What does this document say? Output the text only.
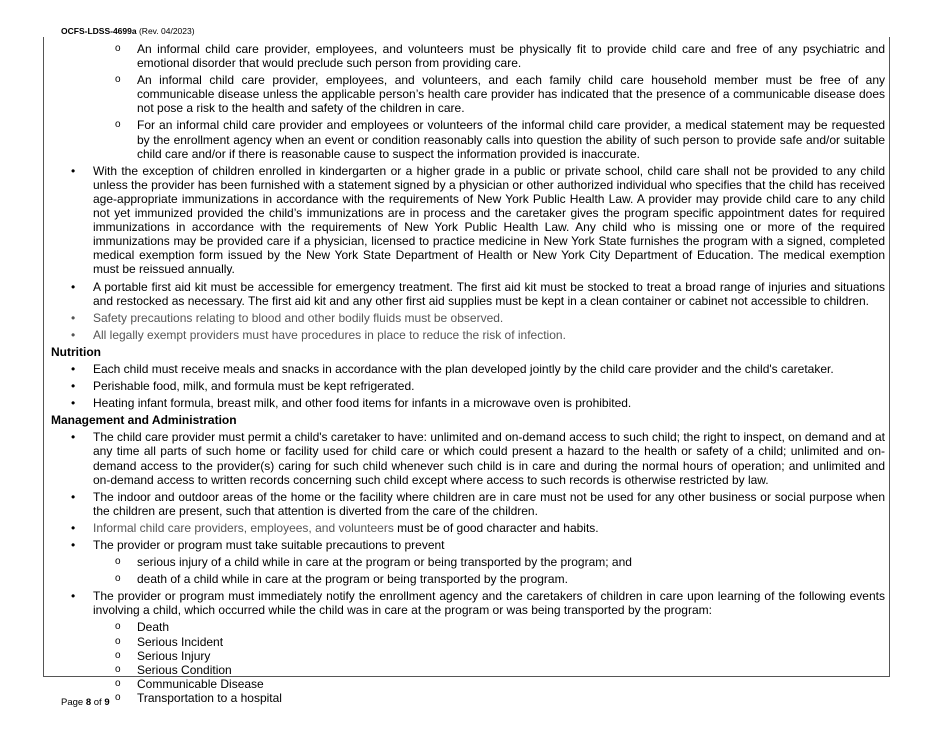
OCFS-LDSS-4699a (Rev. 04/2023)
o An informal child care provider, employees, and volunteers must be physically fit to provide child care and free of any psychiatric and emotional disorder that would preclude such person from providing care.
o An informal child care provider, employees, and volunteers, and each family child care household member must be free of any communicable disease unless the applicable person’s health care provider has indicated that the presence of a communicable disease does not pose a risk to the health and safety of the children in care.
o For an informal child care provider and employees or volunteers of the informal child care provider, a medical statement may be requested by the enrollment agency when an event or condition reasonably calls into question the ability of such person to provide safe and/or suitable child care and/or if there is reasonable cause to suspect the information provided is inaccurate.
• With the exception of children enrolled in kindergarten or a higher grade in a public or private school, child care shall not be provided to any child unless the provider has been furnished with a statement signed by a physician or other authorized individual who specifies that the child has received age-appropriate immunizations in accordance with the requirements of New York Public Health Law. A provider may provide child care to any child not yet immunized provided the child’s immunizations are in process and the caretaker gives the program specific appointment dates for required immunizations in accordance with the requirements of New York Public Health Law. Any child who is missing one or more of the required immunizations may be provided care if a physician, licensed to practice medicine in New York State furnishes the program with a signed, completed medical exemption form issued by the New York State Department of Health or New York City Department of Education. The medical exemption must be reissued annually.
• A portable first aid kit must be accessible for emergency treatment. The first aid kit must be stocked to treat a broad range of injuries and situations and restocked as necessary. The first aid kit and any other first aid supplies must be kept in a clean container or cabinet not accessible to children.
• Safety precautions relating to blood and other bodily fluids must be observed.
• All legally exempt providers must have procedures in place to reduce the risk of infection.
Nutrition
• Each child must receive meals and snacks in accordance with the plan developed jointly by the child care provider and the child's caretaker.
• Perishable food, milk, and formula must be kept refrigerated.
• Heating infant formula, breast milk, and other food items for infants in a microwave oven is prohibited.
Management and Administration
• The child care provider must permit a child's caretaker to have: unlimited and on-demand access to such child; the right to inspect, on demand and at any time all parts of such home or facility used for child care or which could present a hazard to the health or safety of a child; unlimited and on-demand access to the provider(s) caring for such child whenever such child is in care and during the normal hours of operation; and unlimited and on-demand access to written records concerning such child except where access to such records is otherwise restricted by law.
• The indoor and outdoor areas of the home or the facility where children are in care must not be used for any other business or social purpose when the children are present, such that attention is diverted from the care of the children.
• Informal child care providers, employees, and volunteers must be of good character and habits.
• The provider or program must take suitable precautions to prevent
o serious injury of a child while in care at the program or being transported by the program; and
o death of a child while in care at the program or being transported by the program.
• The provider or program must immediately notify the enrollment agency and the caretakers of children in care upon learning of the following events involving a child, which occurred while the child was in care at the program or was being transported by the program:
o Death
o Serious Incident
o Serious Injury
o Serious Condition
o Communicable Disease
o Transportation to a hospital
Page 8 of 9
